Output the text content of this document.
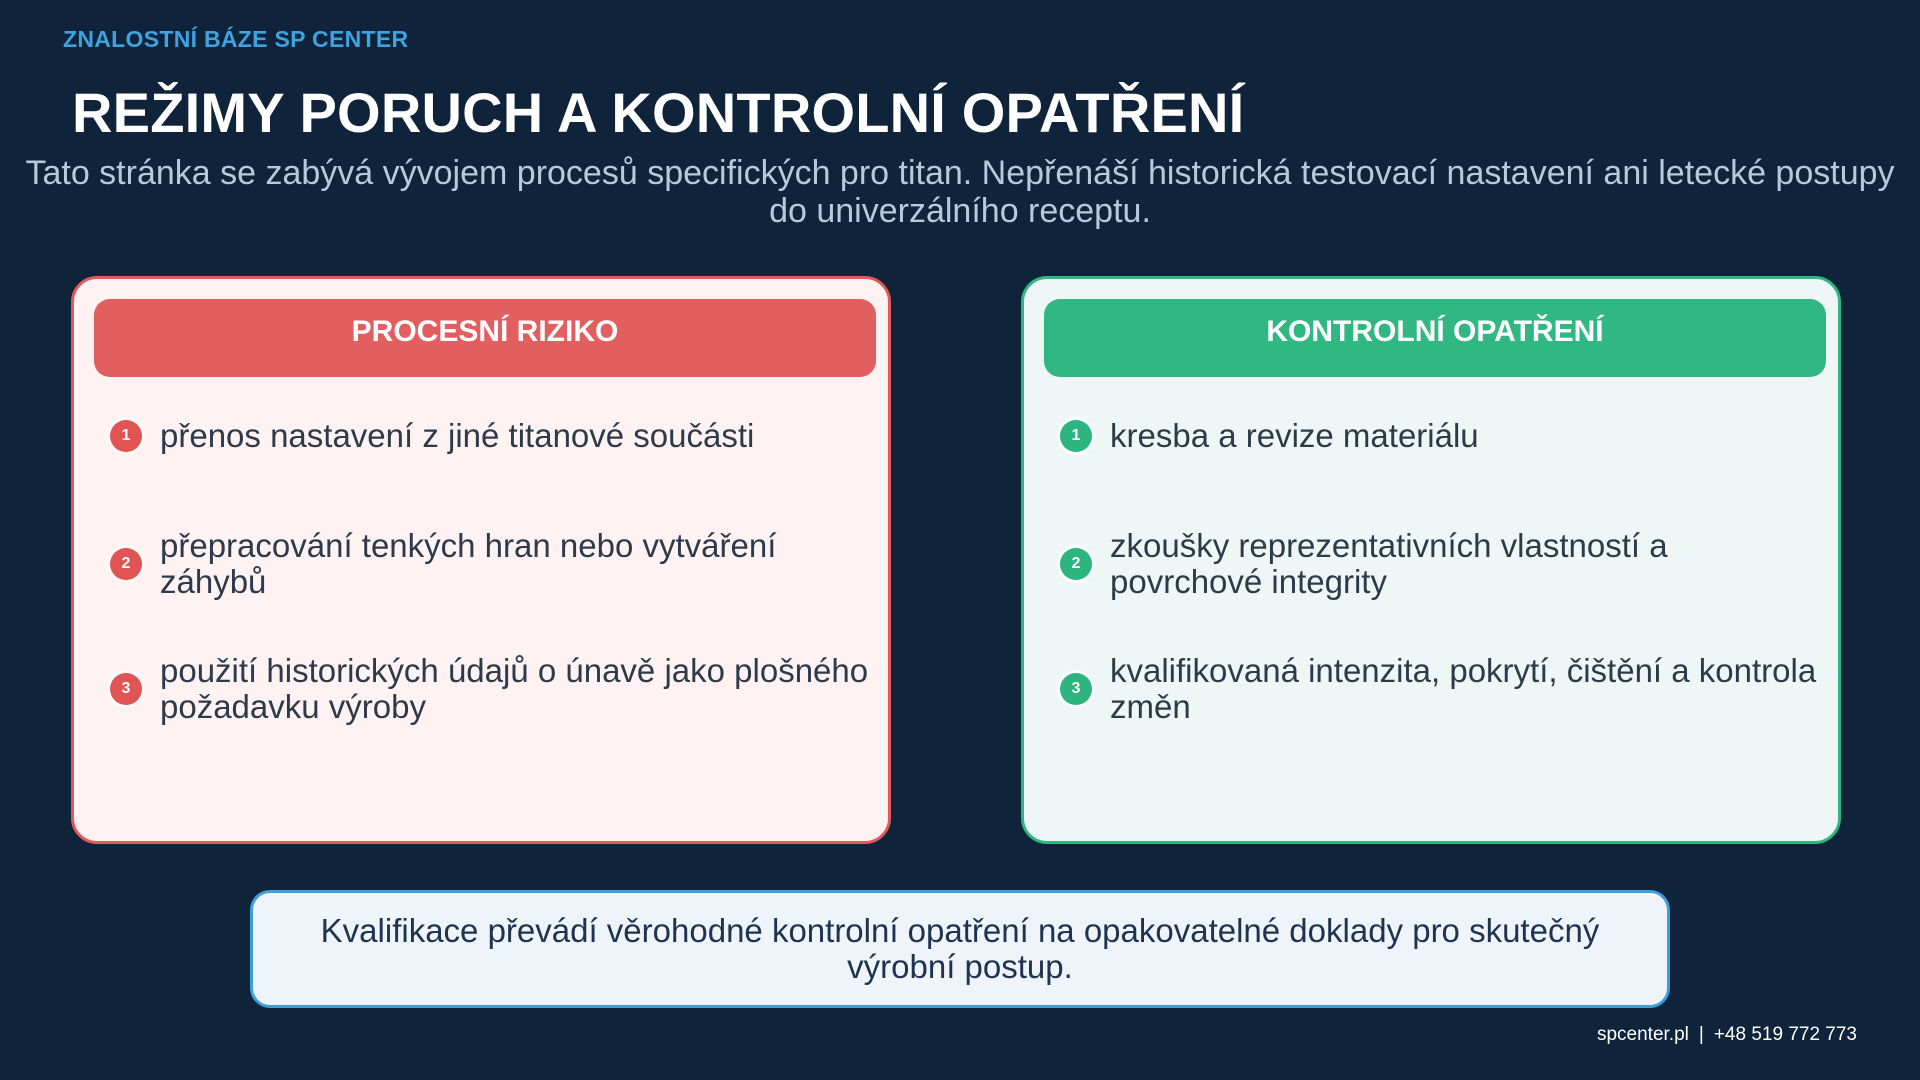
ZNALOSTNÍ BÁZE SP CENTER
REŽIMY PORUCH A KONTROLNÍ OPATŘENÍ
Tato stránka se zabývá vývojem procesů specifických pro titan. Nepřenáší historická testovací nastavení ani letecké postupy do univerzálního receptu.
PROCESNÍ RIZIKO
1 přenos nastavení z jiné titanové součásti
2 přepracování tenkých hran nebo vytváření záhybů
3 použití historických údajů o únavě jako plošného požadavku výroby
KONTROLNÍ OPATŘENÍ
1 kresba a revize materiálu
2 zkoušky reprezentativních vlastností a povrchové integrity
3 kvalifikovaná intenzita, pokrytí, čištění a kontrola změn
Kvalifikace převádí věrohodné kontrolní opatření na opakovatelné doklady pro skutečný výrobní postup.
spcenter.pl | +48 519 772 773
